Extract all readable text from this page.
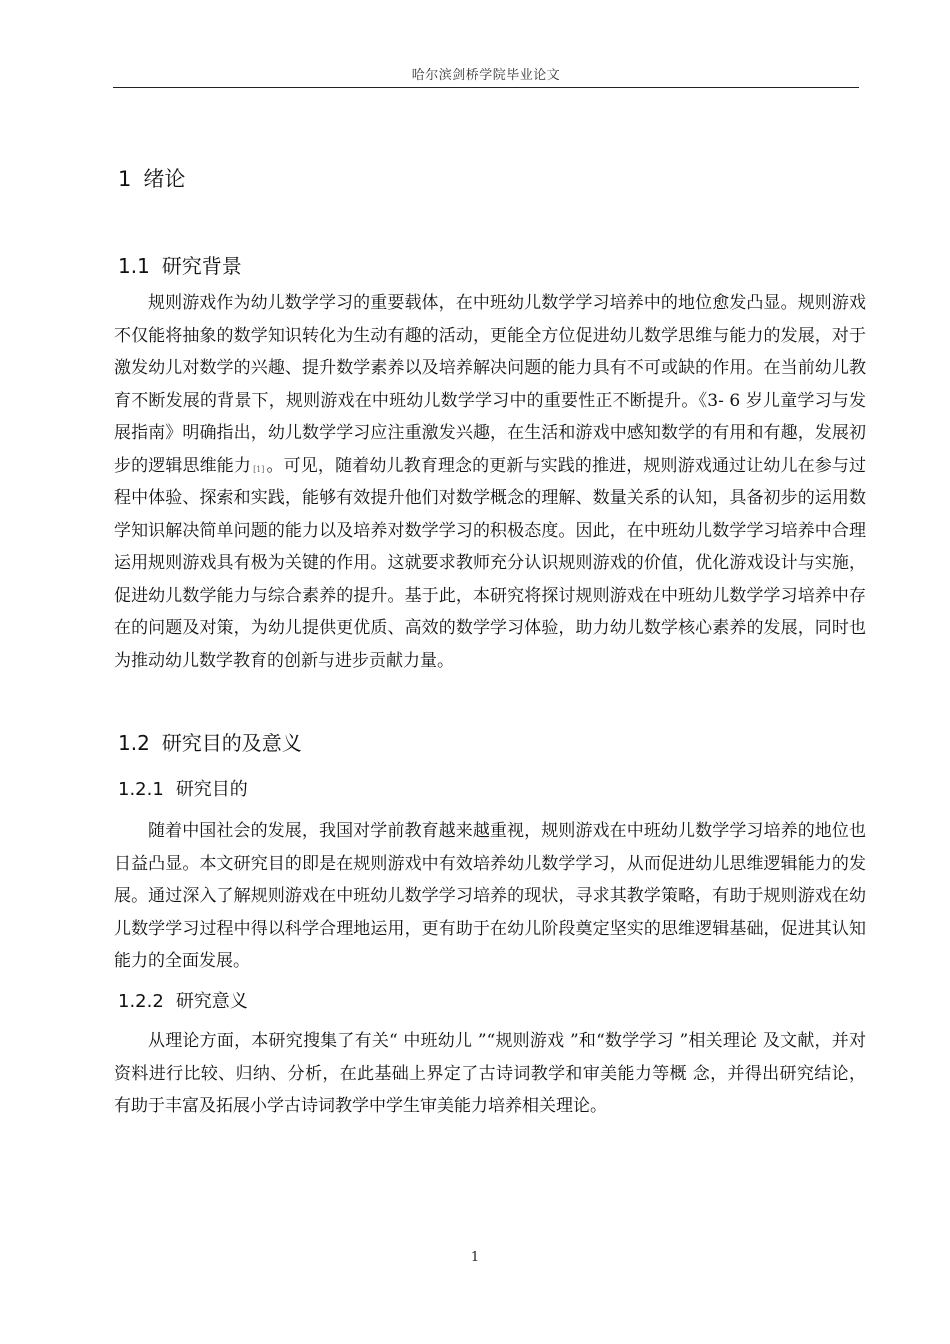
哈尔滨剑桥学院毕业论文
1 绪论
1.1 研究背景

规则游戏作为幼儿数学学习的重要载体，在中班幼儿数学学习培养中的地位愈发凸显。规则游戏不仅能将抽象的数学知识转化为生动有趣的活动，更能全方位促进幼儿数学思维与能力的发展，对于激发幼儿对数学的兴趣、提升数学素养以及培养解决问题的能力具有不可或缺的作用。在当前幼儿教育不断发展的背景下，规则游戏在中班幼儿数学学习中的重要性正不断提升。《3- 6 岁儿童学习与发展指南》明确指出，幼儿数学学习应注重激发兴趣，在生活和游戏中感知数学的有用和有趣，发展初步的逻辑思维能力 [1] 。可见，随着幼儿教育理念的更新与实践的推进，规则游戏通过让幼儿在参与过程中体验、探索和实践，能够有效提升他们对数学概念的理解、数量关系的认知，具备初步的运用数学知识解决简单问题的能力以及培养对数学学习的积极态度。因此，在中班幼儿数学学习培养中合理运用规则游戏具有极为关键的作用。这就要求教师充分认识规则游戏的价值，优化游戏设计与实施，促进幼儿数学能力与综合素养的提升。基于此，本研究将探讨规则游戏在中班幼儿数学学习培养中存在的问题及对策，为幼儿提供更优质、高效的数学学习体验，助力幼儿数学核心素养的发展，同时也为推动幼儿数学教育的创新与进步贡献力量。

1.2 研究目的及意义
1.2.1 研究目的

随着中国社会的发展，我国对学前教育越来越重视，规则游戏在中班幼儿数学学习培养的地位也日益凸显。本文研究目的即是在规则游戏中有效培养幼儿数学学习，从而促进幼儿思维逻辑能力的发展。通过深入了解规则游戏在中班幼儿数学学习培养的现状，寻求其教学策略，有助于规则游戏在幼儿数学学习过程中得以科学合理地运用，更有助于在幼儿阶段奠定坚实的思维逻辑基础，促进其认知能力的全面发展。

1.2.2 研究意义

从理论方面，本研究搜集了有关“ 中班幼儿 ”“规则游戏 ”和“数学学习 ”相关理论 及文献，并对资料进行比较、归纳、分析，在此基础上界定了古诗词教学和审美能力等概 念，并得出研究结论，有助于丰富及拓展小学古诗词教学中学生审美能力培养相关理论。

1
